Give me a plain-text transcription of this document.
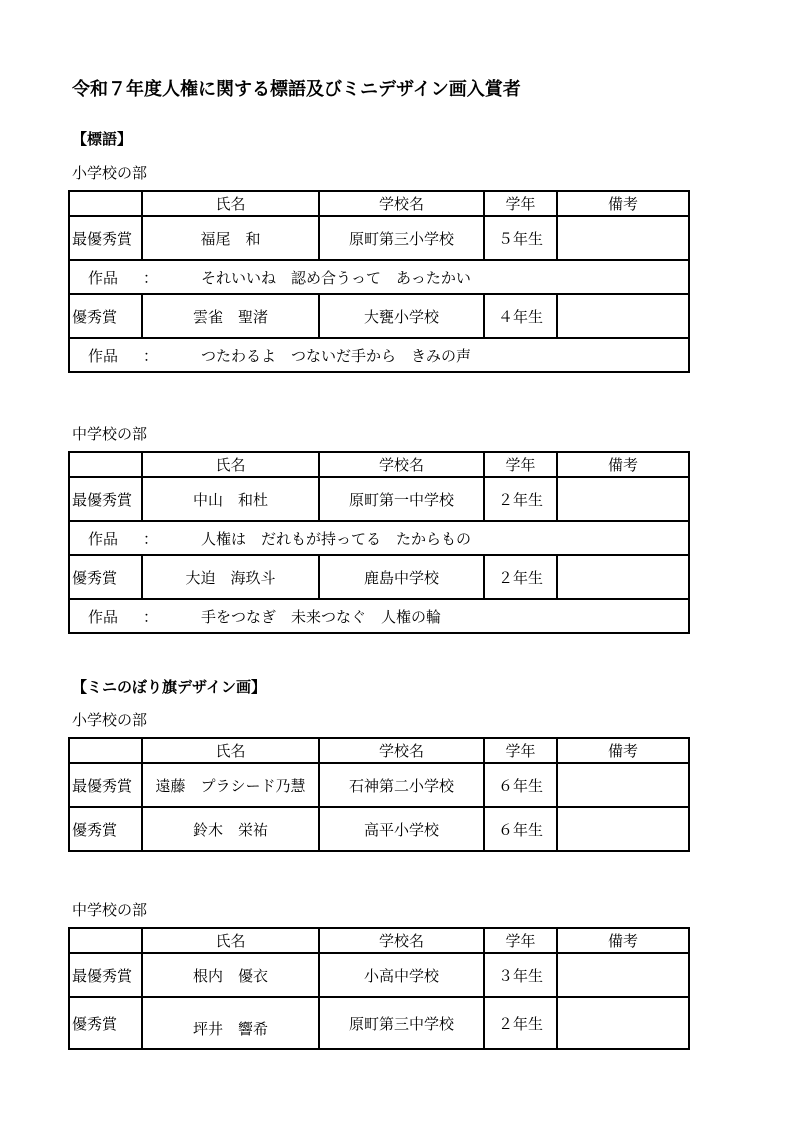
令和７年度人権に関する標語及びミニデザイン画入賞者
【標語】
小学校の部
	氏名	学校名	学年	備考
最優秀賞	福尾　和	原町第三小学校	５年生	
作品 ： それいいね　認め合うって　あったかい				
優秀賞	雲雀　聖渚	大甕小学校	４年生	
作品 ： つたわるよ　つないだ手から　きみの声				
中学校の部
	氏名	学校名	学年	備考
最優秀賞	中山　和杜	原町第一中学校	２年生	
作品 ： 人権は　だれもが持ってる　たからもの				
優秀賞	大迫　海玖斗	鹿島中学校	２年生	
作品 ： 手をつなぎ　未来つなぐ　人権の輪				
【ミニのぼり旗デザイン画】
小学校の部
	氏名	学校名	学年	備考
最優秀賞	遠藤　プラシード乃慧	石神第二小学校	６年生	
優秀賞	鈴木　栄祐	高平小学校	６年生	
中学校の部
	氏名	学校名	学年	備考
最優秀賞	根内　優衣	小高中学校	３年生	
優秀賞	坪井　響希	原町第三中学校	２年生	
